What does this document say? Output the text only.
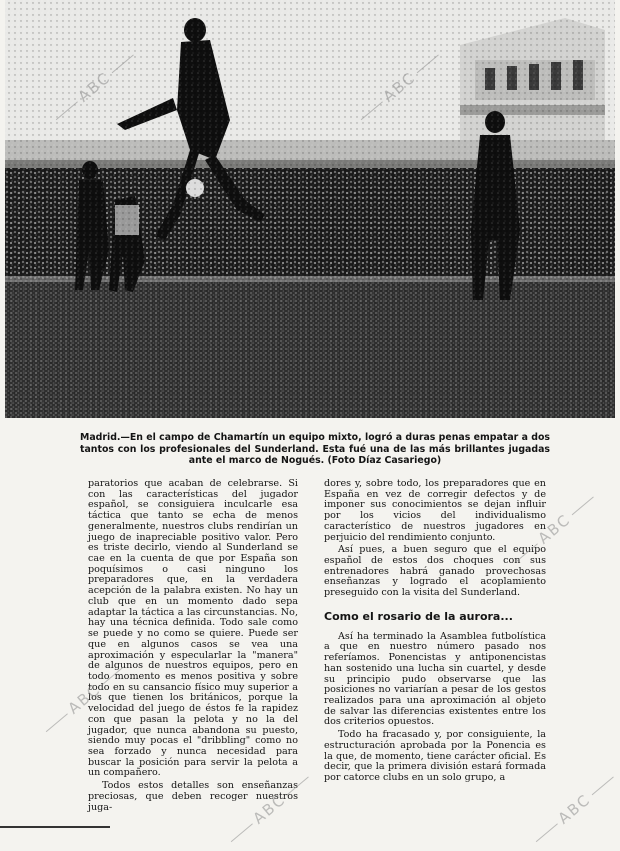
Madrid.—En el campo de Chamartín un equipo mixto, logró a duras penas empatar a dos tantos con los profesionales del Sunderland. Esta fué una de las más brillantes jugadas ante el marco de Nogués. (Foto Díaz Casariego)

paratorios que acaban de celebrarse. Si con las características del jugador español, se consiguiera inculcarle esa táctica que tanto se echa de menos generalmente, nuestros clubs rendirían un juego de inapreciable positivo valor. Pero es triste decirlo, viendo al Sunderland se cae en la cuenta de que por España son poquísimos o casi ninguno los preparadores que, en la verdadera acepción de la palabra existen. No hay un club que en un momento dado sepa adaptar la táctica a las circunstancias. No, hay una técnica definida. Todo sale como se puede y no como se quiere. Puede ser que en algunos casos se vea una aproximación y especularlar la "manera" de algunos de nuestros equipos, pero en todo momento es menos positiva y sobre todo en su cansancio físico muy superior a los que tienen los británicos, porque la velocidad del juego de éstos fe la rapidez con que pasan la pelota y no la del jugador, que nunca abandona su puesto, siendo muy pocas el "dribbling" como no sea forzado y nunca necesidad para buscar la posición para servir la pelota a un compañero.

Todos estos detalles son enseñanzas preciosas, que deben recoger nuestros juga-

dores y, sobre todo, los preparadores que en España en vez de corregir defectos y de imponer sus conocimientos se dejan influir por los vicios del individualismo característico de nuestros jugadores en perjuicio del rendimiento conjunto.

Así pues, a buen seguro que el equipo español de estos dos choques con sus entrenadores habrá ganado provechosas enseñanzas y logrado el acoplamiento preseguido con la visita del Sunderland.

Como el rosario de la aurora...

Así ha terminado la Asamblea futbolística a que en nuestro número pasado nos referíamos. Ponencistas y antiponencistas han sostenido una lucha sin cuartel, y desde su principio pudo observarse que las posiciones no variarían a pesar de los gestos realizados para una aproximación al objeto de salvar las diferencias existentes entre los dos criterios opuestos.

Todo ha fracasado y, por consiguiente, la estructuración aprobada por la Ponencia es la que, de momento, tiene carácter oficial. Es decir, que la primera división estará formada por catorce clubs en un solo grupo, a

ABC	ABC
ABC
ABC
ABC	ABC
